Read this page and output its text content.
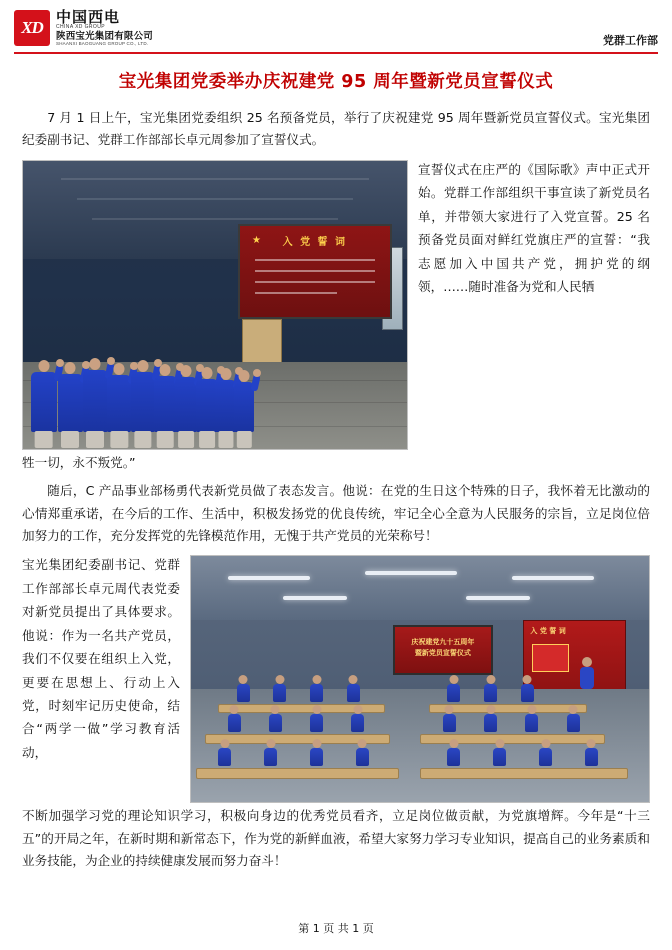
XD
中国西电
CHINA XD GROUP
陕西宝光集团有限公司
SHAANXI BAOGUANG GROUP CO., LTD.	党群工作部
宝光集团党委举办庆祝建党 95 周年暨新党员宣誓仪式

7 月 1 日上午，宝光集团党委组织 25 名预备党员，举行了庆祝建党 95 周年暨新党员宣誓仪式。宝光集团纪委副书记、党群工作部部长卓元周参加了宣誓仪式。

★	入 党 誓 词

宣誓仪式在庄严的《国际歌》声中正式开始。党群工作部组织干事宣读了新党员名单，并带领大家进行了入党宣誓。25 名预备党员面对鲜红党旗庄严的宣誓：“我志愿加入中国共产党，拥护党的纲领，……随时准备为党和人民牺

牲一切，永不叛党。”

随后，C 产品事业部杨勇代表新党员做了表态发言。他说：在党的生日这个特殊的日子，我怀着无比激动的心情郑重承诺，在今后的工作、生活中，积极发扬党的优良传统，牢记全心全意为人民服务的宗旨，立足岗位倍加努力的工作，充分发挥党的先锋模范作用，无愧于共产党员的光荣称号！

庆祝建党九十五周年
暨新党员宣誓仪式
入 党 誓 词

宝光集团纪委副书记、党群工作部部长卓元周代表党委对新党员提出了具体要求。他说：作为一名共产党员，我们不仅要在组织上入党，更要在思想上、行动上入党，时刻牢记历史使命，结合“两学一做”学习教育活动，

不断加强学习党的理论知识学习，积极向身边的优秀党员看齐，立足岗位做贡献，为党旗增辉。今年是“十三五”的开局之年，在新时期和新常态下，作为党的新鲜血液，希望大家努力学习专业知识，提高自己的业务素质和业务技能，为企业的持续健康发展而努力奋斗！

第 1 页 共 1 页
